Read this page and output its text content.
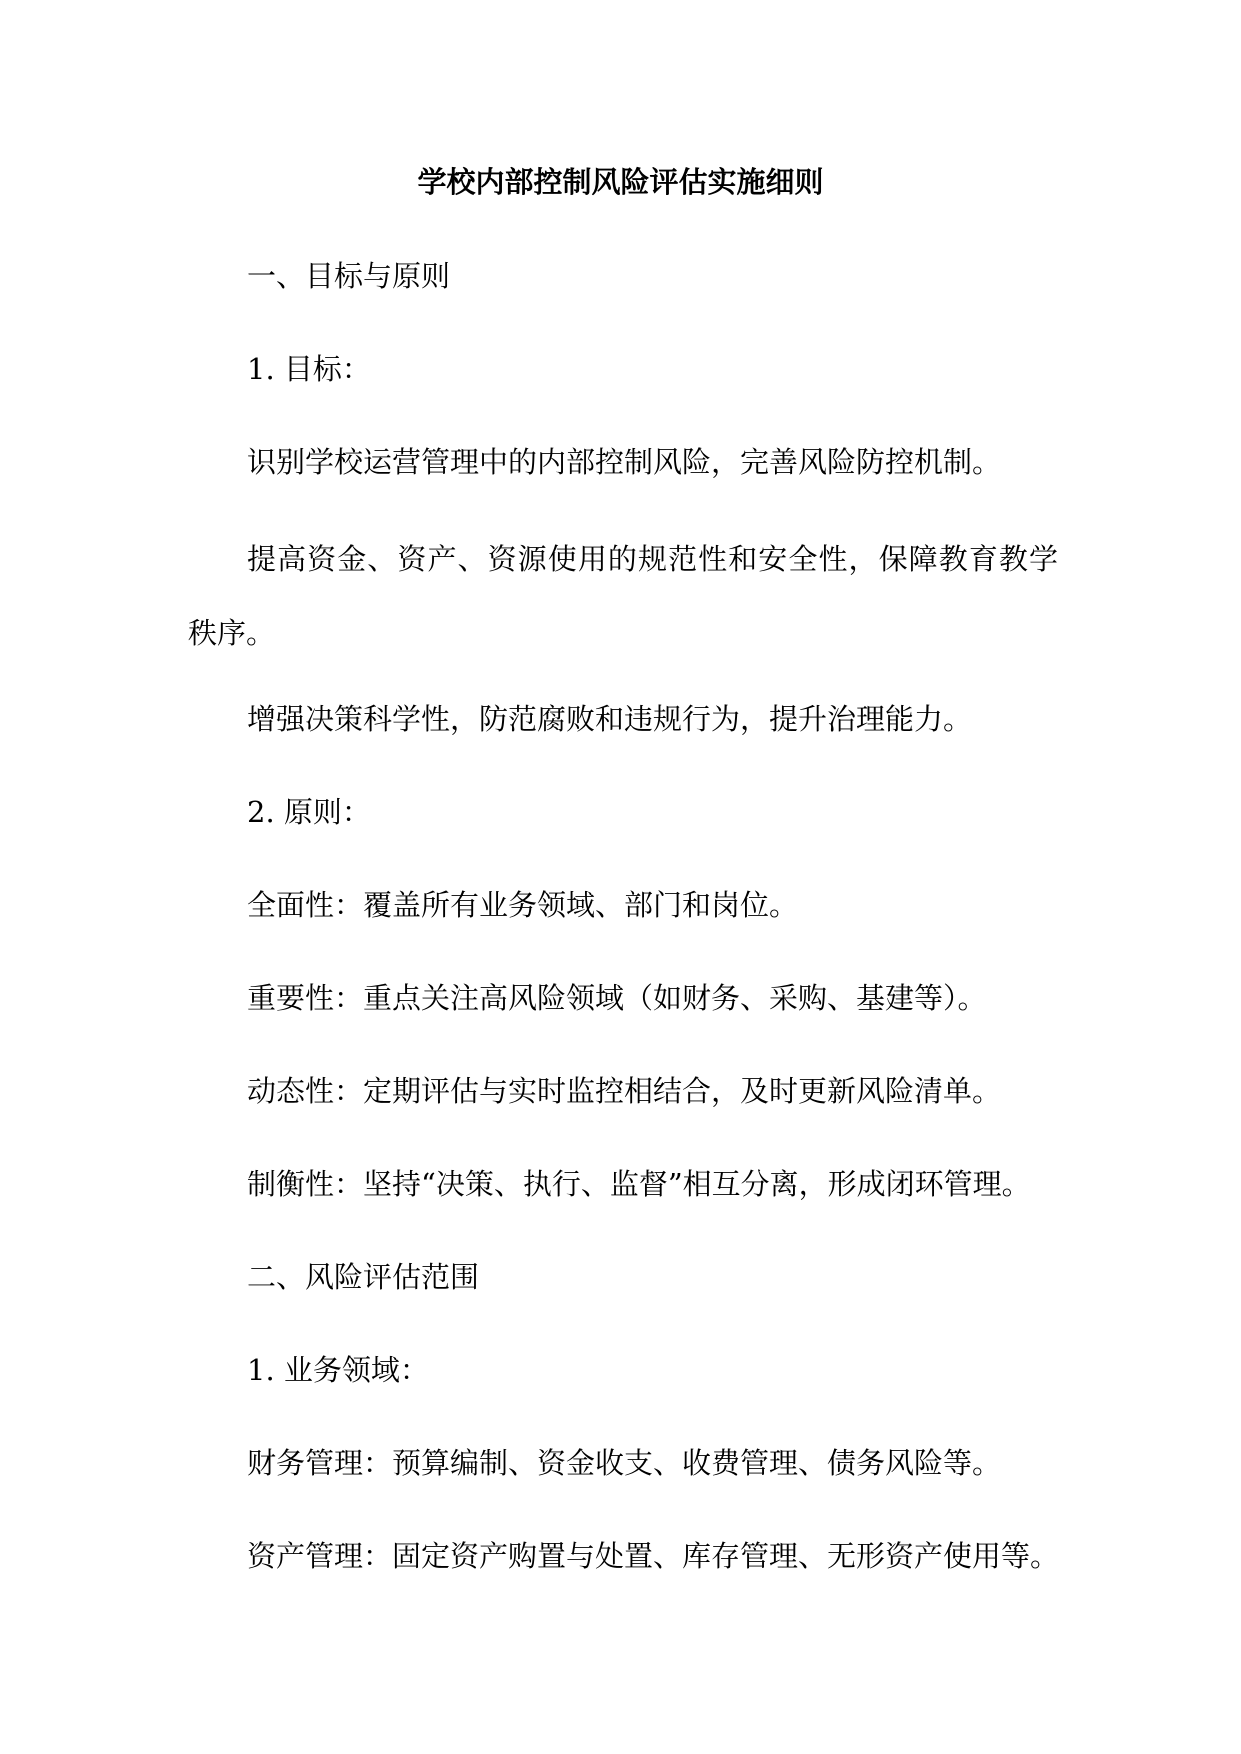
学校内部控制风险评估实施细则
一、目标与原则
1. 目标：
识别学校运营管理中的内部控制风险，完善风险防控机制。
提高资金、资产、资源使用的规范性和安全性，保障教育教学秩序。
增强决策科学性，防范腐败和违规行为，提升治理能力。
2. 原则：
全面性：覆盖所有业务领域、部门和岗位。
重要性：重点关注高风险领域（如财务、采购、基建等）。
动态性：定期评估与实时监控相结合，及时更新风险清单。
制衡性：坚持“决策、执行、监督”相互分离，形成闭环管理。
二、风险评估范围
1. 业务领域：
财务管理：预算编制、资金收支、收费管理、债务风险等。
资产管理：固定资产购置与处置、库存管理、无形资产使用等。
